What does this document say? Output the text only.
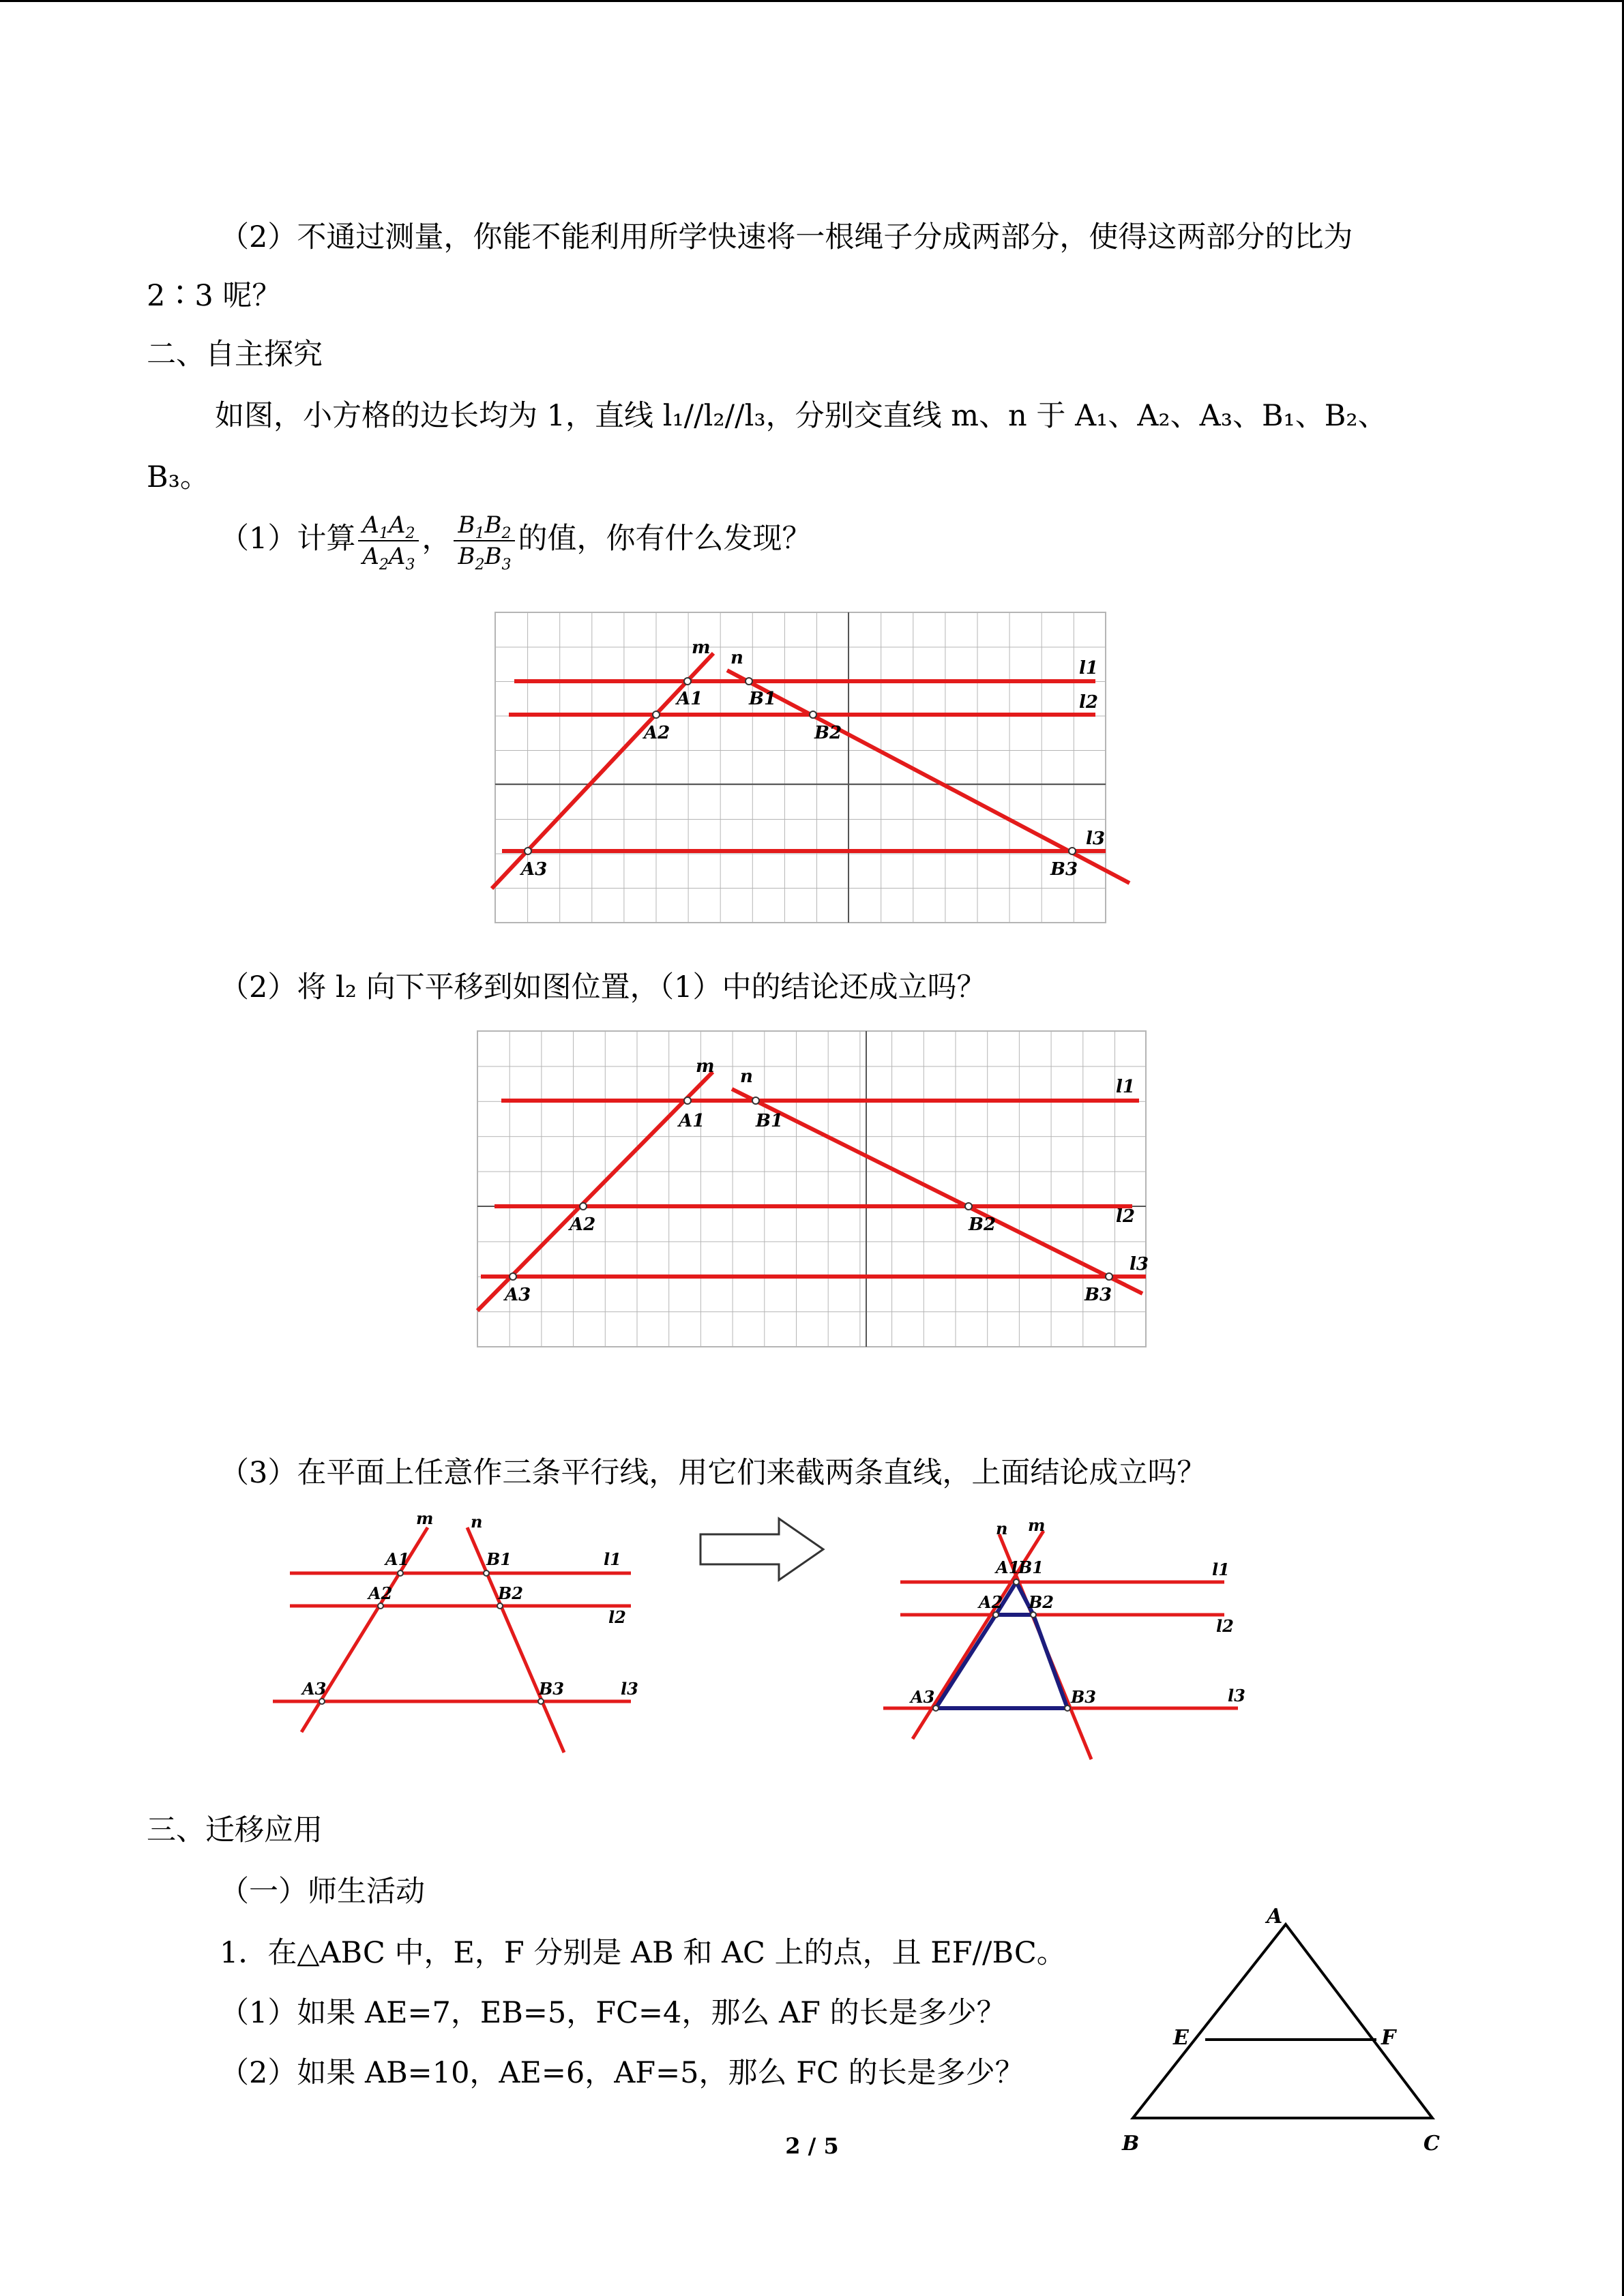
（2）不通过测量，你能不能利用所学快速将一根绳子分成两部分，使得这两部分的比为
2∶3 呢？
二、自主探究
如图，小方格的边长均为 1，直线 l₁//l₂//l₃，分别交直线 m、n 于 A₁、A₂、A₃、B₁、B₂、
B₃。
（1）计算 $\frac{A_1A_2}{A_2A_3}$ ， $\frac{B_1B_2}{B_2B_3}$ 的值，你有什么发现？
m n	l1
l2
l3
A1
A2
A3
B1
B2
B3
（2）将 l₂ 向下平移到如图位置，（1）中的结论还成立吗？
m n	l1
l2
l3
A1
A2
A3
B1
B2
B3
（3）在平面上任意作三条平行线，用它们来截两条直线，上面结论成立吗？
m n
l1
l2
l3
A1
A2
A3
B1
B2
B3
n m
l1
l2
l3
A1
B1
A2 B2
A3	B3
三、迁移应用
（一）师生活动
1．在△ABC 中，E，F 分别是 AB 和 AC 上的点，且 EF//BC。
（1）如果 AE=7，EB=5，FC=4，那么 AF 的长是多少？
（2）如果 AB=10，AE=6，AF=5，那么 FC 的长是多少？
A
E	F
B	C
2 / 5
